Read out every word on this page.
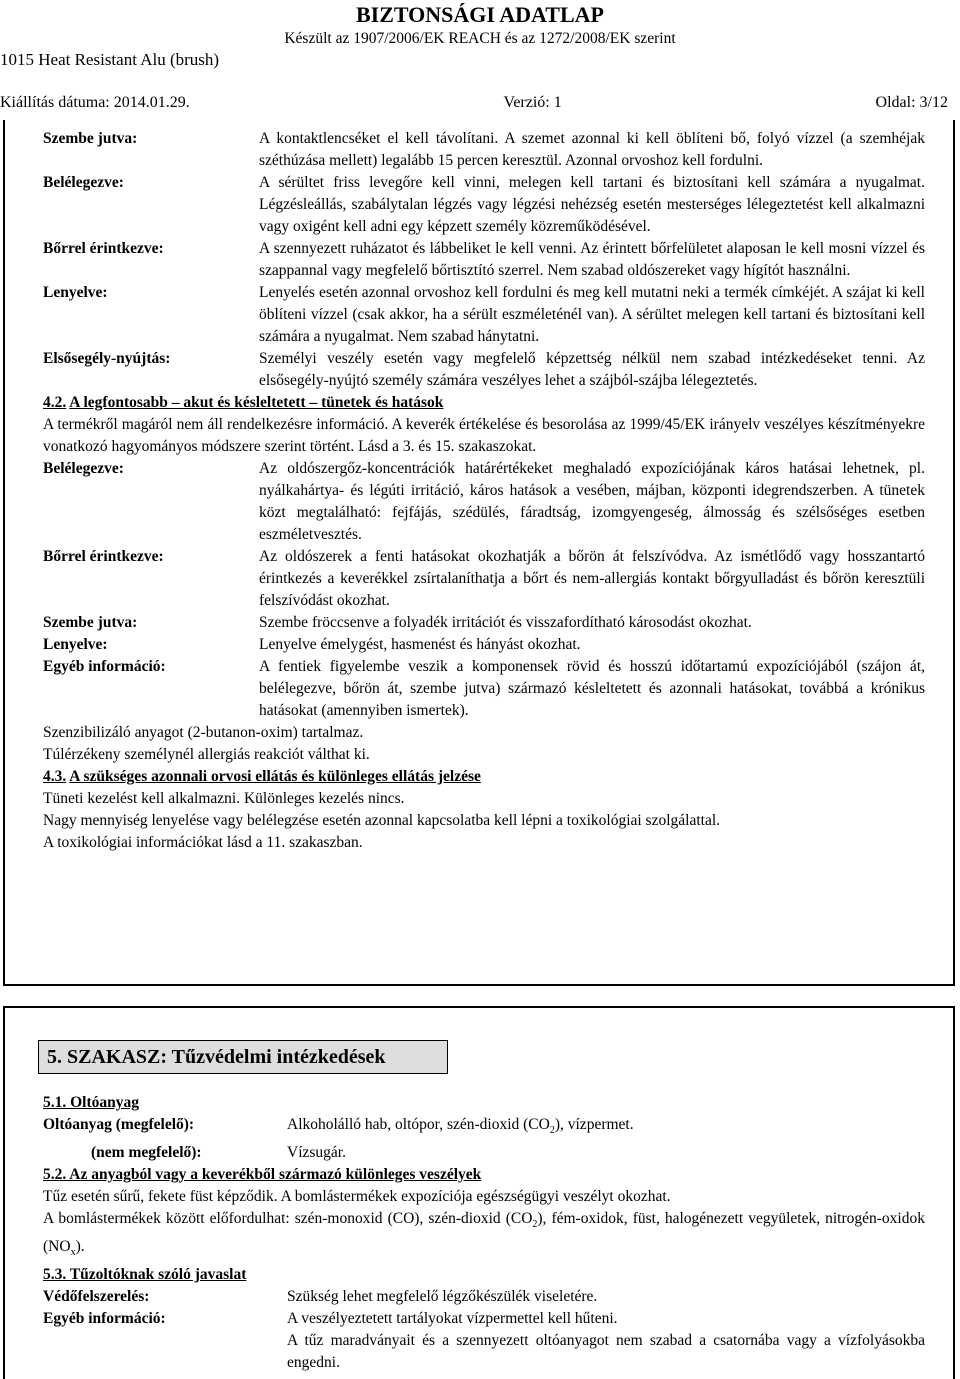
BIZTONSÁGI ADATLAP
Készült az 1907/2006/EK REACH és az 1272/2008/EK szerint
1015 Heat Resistant Alu (brush)
Kiállítás dátuma: 2014.01.29.	Verzió: 1	Oldal: 3/12
Szembe jutva:	A kontaktlencséket el kell távolítani. A szemet azonnal ki kell öblíteni bő, folyó vízzel (a szemhéjak széthúzása mellett) legalább 15 percen keresztül. Azonnal orvoshoz kell fordulni.
Belélegezve:	A sérültet friss levegőre kell vinni, melegen kell tartani és biztosítani kell számára a nyugalmat. Légzésleállás, szabálytalan légzés vagy légzési nehézség esetén mesterséges lélegeztetést kell alkalmazni vagy oxigént kell adni egy képzett személy közreműködésével.
Bőrrel érintkezve:	A szennyezett ruházatot és lábbeliket le kell venni. Az érintett bőrfelületet alaposan le kell mosni vízzel és szappannal vagy megfelelő bőrtisztító szerrel. Nem szabad oldószereket vagy hígítót használni.
Lenyelve:	Lenyelés esetén azonnal orvoshoz kell fordulni és meg kell mutatni neki a termék címkéjét. A szájat ki kell öblíteni vízzel (csak akkor, ha a sérült eszméleténél van). A sérültet melegen kell tartani és biztosítani kell számára a nyugalmat. Nem szabad hánytatni.
Elsősegély-nyújtás:	Személyi veszély esetén vagy megfelelő képzettség nélkül nem szabad intézkedéseket tenni. Az elsősegély-nyújtó személy számára veszélyes lehet a szájból-szájba lélegeztetés.
4.2. A legfontosabb – akut és késleltetett – tünetek és hatások
A termékről magáról nem áll rendelkezésre információ. A keverék értékelése és besorolása az 1999/45/EK irányelv veszélyes készítményekre vonatkozó hagyományos módszere szerint történt. Lásd a 3. és 15. szakaszokat.
Belélegezve:	Az oldószergőz-koncentrációk határértékeket meghaladó expozíciójának káros hatásai lehetnek, pl. nyálkahártya- és légúti irritáció, káros hatások a vesében, májban, központi idegrendszerben. A tünetek közt megtalálható: fejfájás, szédülés, fáradtság, izomgyengeség, álmosság és szélsőséges esetben eszméletvesztés.
Bőrrel érintkezve:	Az oldószerek a fenti hatásokat okozhatják a bőrön át felszívódva. Az ismétlődő vagy hosszantartó érintkezés a keverékkel zsírtalaníthatja a bőrt és nem-allergiás kontakt bőrgyulladást és bőrön keresztüli felszívódást okozhat.
Szembe jutva:	Szembe fröccsenve a folyadék irritációt és visszafordítható károsodást okozhat.
Lenyelve:	Lenyelve émelygést, hasmenést és hányást okozhat.
Egyéb információ:	A fentiek figyelembe veszik a komponensek rövid és hosszú időtartamú expozíciójából (szájon át, belélegezve, bőrön át, szembe jutva) származó késleltetett és azonnali hatásokat, továbbá a krónikus hatásokat (amennyiben ismertek).
Szenzibilizáló anyagot (2-butanon-oxim) tartalmaz.
Túlérzékeny személynél allergiás reakciót válthat ki.
4.3. A szükséges azonnali orvosi ellátás és különleges ellátás jelzése
Tüneti kezelést kell alkalmazni. Különleges kezelés nincs.
Nagy mennyiség lenyelése vagy belélegzése esetén azonnal kapcsolatba kell lépni a toxikológiai szolgálattal.
A toxikológiai információkat lásd a 11. szakaszban.
5. SZAKASZ: Tűzvédelmi intézkedések
5.1. Oltóanyag
Oltóanyag (megfelelő):	Alkoholálló hab, oltópor, szén-dioxid $(CO_2)$, vízpermet.
(nem megfelelő):	Vízsugár.
5.2. Az anyagból vagy a keverékből származó különleges veszélyek
Tűz esetén sűrű, fekete füst képződik. A bomlástermékek expozíciója egészségügyi veszélyt okozhat.
A bomlástermékek között előfordulhat: szén-monoxid (CO), szén-dioxid $(CO_2)$, fém-oxidok, füst, halogénezett vegyületek, nitrogén-oxidok $(NO_x)$.
5.3. Tűzoltóknak szóló javaslat
Védőfelszerelés:	Szükség lehet megfelelő légzőkészülék viseletére.
Egyéb információ:	A veszélyeztetett tartályokat vízpermettel kell hűteni.
A tűz maradványait és a szennyezett oltóanyagot nem szabad a csatornába vagy a vízfolyásokba engedni.
